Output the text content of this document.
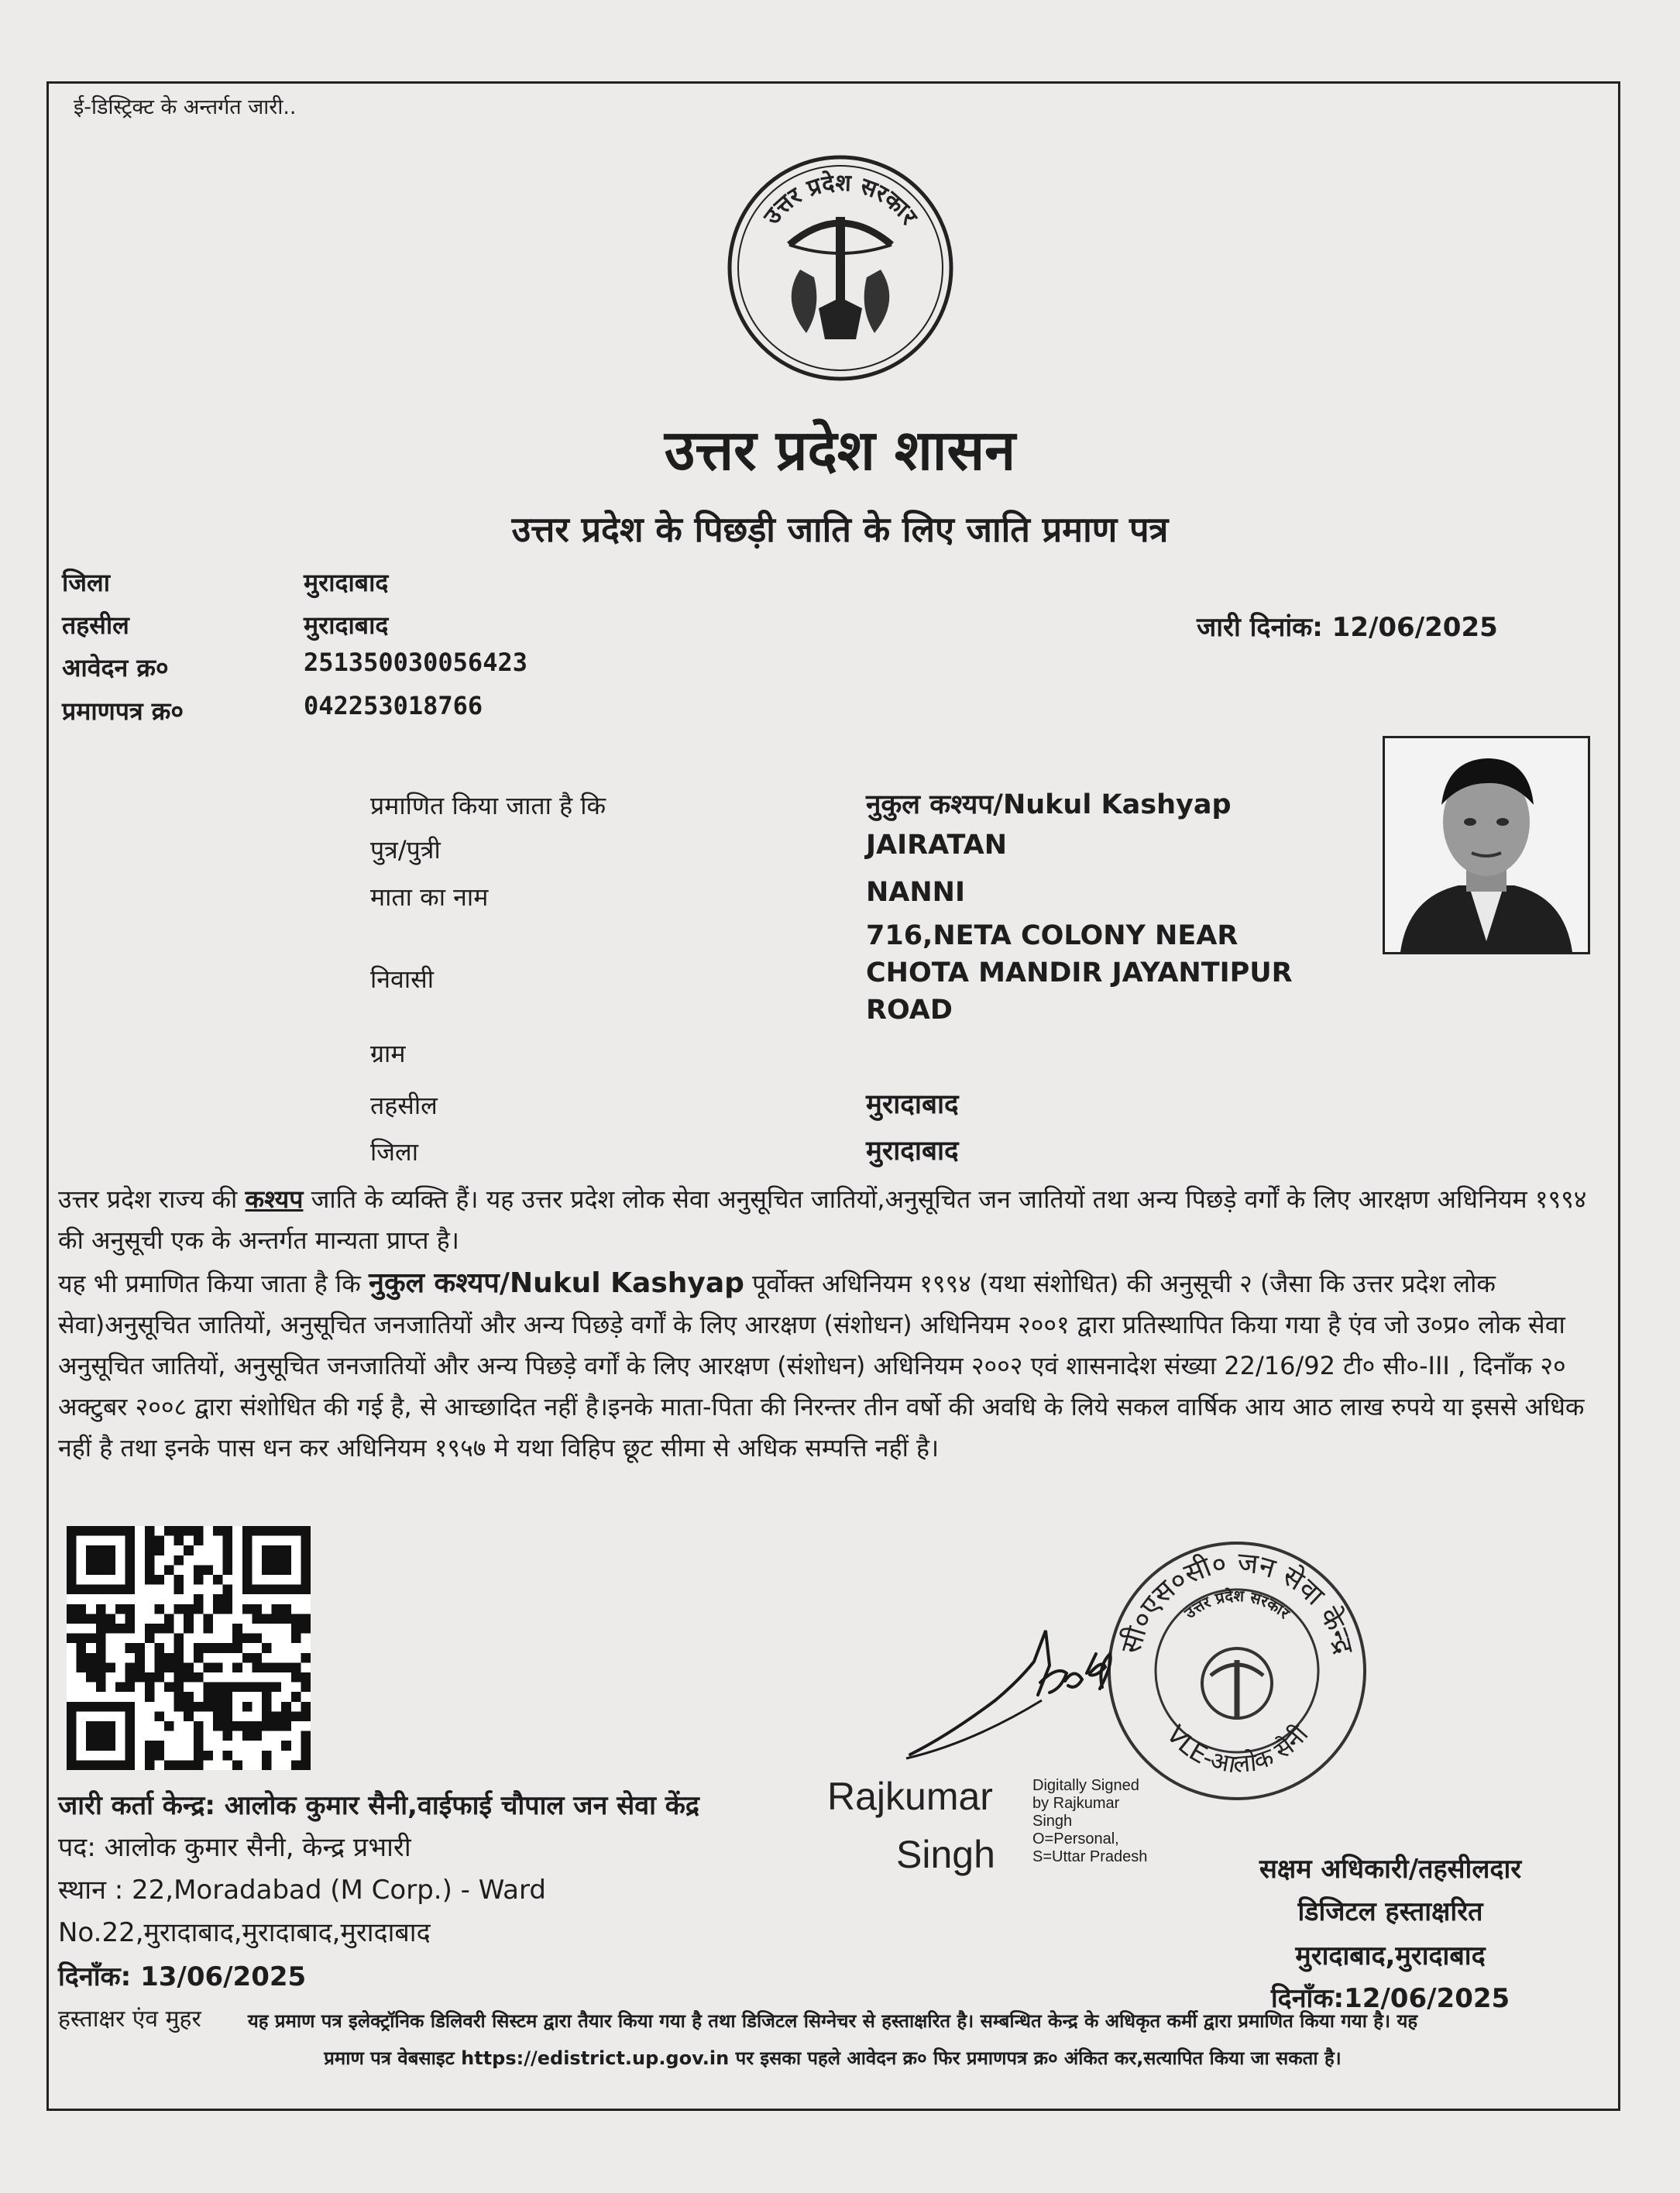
ई-डिस्ट्रिक्ट के अन्तर्गत जारी..
उत्तर प्रदेश सरकार
उत्तर प्रदेश शासन
उत्तर प्रदेश के पिछड़ी जाति के लिए जाति प्रमाण पत्र
जिला	मुरादाबाद
तहसील	मुरादाबाद
आवेदन क्र०	251350030056423
प्रमाणपत्र क्र०	042253018766
जारी दिनांक: 12/06/2025
प्रमाणित किया जाता है कि	नुकुल कश्यप/Nukul Kashyap
पुत्र/पुत्री	JAIRATAN
माता का नाम	NANNI
716,NETA COLONY NEAR
निवासी	CHOTA MANDIR JAYANTIPUR
ROAD
ग्राम
तहसील	मुरादाबाद
जिला	मुरादाबाद

उत्तर प्रदेश राज्य की कश्यप जाति के व्यक्ति हैं। यह उत्तर प्रदेश लोक सेवा अनुसूचित जातियों,अनुसूचित जन जातियों तथा अन्य पिछड़े वर्गों के लिए आरक्षण अधिनियम १९९४ की अनुसूची एक के अन्तर्गत मान्यता प्राप्त है।

यह भी प्रमाणित किया जाता है कि नुकुल कश्यप/Nukul Kashyap पूर्वोक्त अधिनियम १९९४ (यथा संशोधित) की अनुसूची २ (जैसा कि उत्तर प्रदेश लोक सेवा)अनुसूचित जातियों, अनुसूचित जनजातियों और अन्य पिछड़े वर्गों के लिए आरक्षण (संशोधन) अधिनियम २००१ द्वारा प्रतिस्थापित किया गया है एंव जो उ०प्र० लोक सेवा अनुसूचित जातियों, अनुसूचित जनजातियों और अन्य पिछड़े वर्गों के लिए आरक्षण (संशोधन) अधिनियम २००२ एवं शासनादेश संख्या 22/16/92 टी० सी०-III , दिनाँक २० अक्टुबर २००८ द्वारा संशोधित की गई है, से आच्छादित नहीं है।इनके माता-पिता की निरन्तर तीन वर्षो की अवधि के लिये सकल वार्षिक आय आठ लाख रुपये या इससे अधिक नहीं है तथा इनके पास धन कर अधिनियम १९५७ मे यथा विहिप छूट सीमा से अधिक सम्पत्ति नहीं है।

सी०एस०सी० जन सेवा केन्द्र
उत्तर प्रदेश सरकार
VLE-आलोक सैनी
Rajkumar
Singh
Digitally Signed
by Rajkumar
Singh
O=Personal,
S=Uttar Pradesh
जारी कर्ता केन्द्र: आलोक कुमार सैनी,वाईफाई चौपाल जन सेवा केंद्र
पद: आलोक कुमार सैनी, केन्द्र प्रभारी
स्थान : 22,Moradabad (M Corp.) - Ward
No.22,मुरादाबाद,मुरादाबाद,मुरादाबाद
दिनाँक: 13/06/2025
हस्ताक्षर एंव मुहर
सक्षम अधिकारी/तहसीलदार
डिजिटल हस्ताक्षरित
मुरादाबाद,मुरादाबाद
दिनाँक:12/06/2025

यह प्रमाण पत्र इलेक्ट्रॉनिक डिलिवरी सिस्टम द्वारा तैयार किया गया है तथा डिजिटल सिग्नेचर से हस्ताक्षरित है। सम्बन्धित केन्द्र के अधिकृत कर्मी द्वारा प्रमाणित किया गया है। यह

प्रमाण पत्र वेबसाइट https://edistrict.up.gov.in पर इसका पहले आवेदन क्र० फिर प्रमाणपत्र क्र० अंकित कर,सत्यापित किया जा सकता है।
